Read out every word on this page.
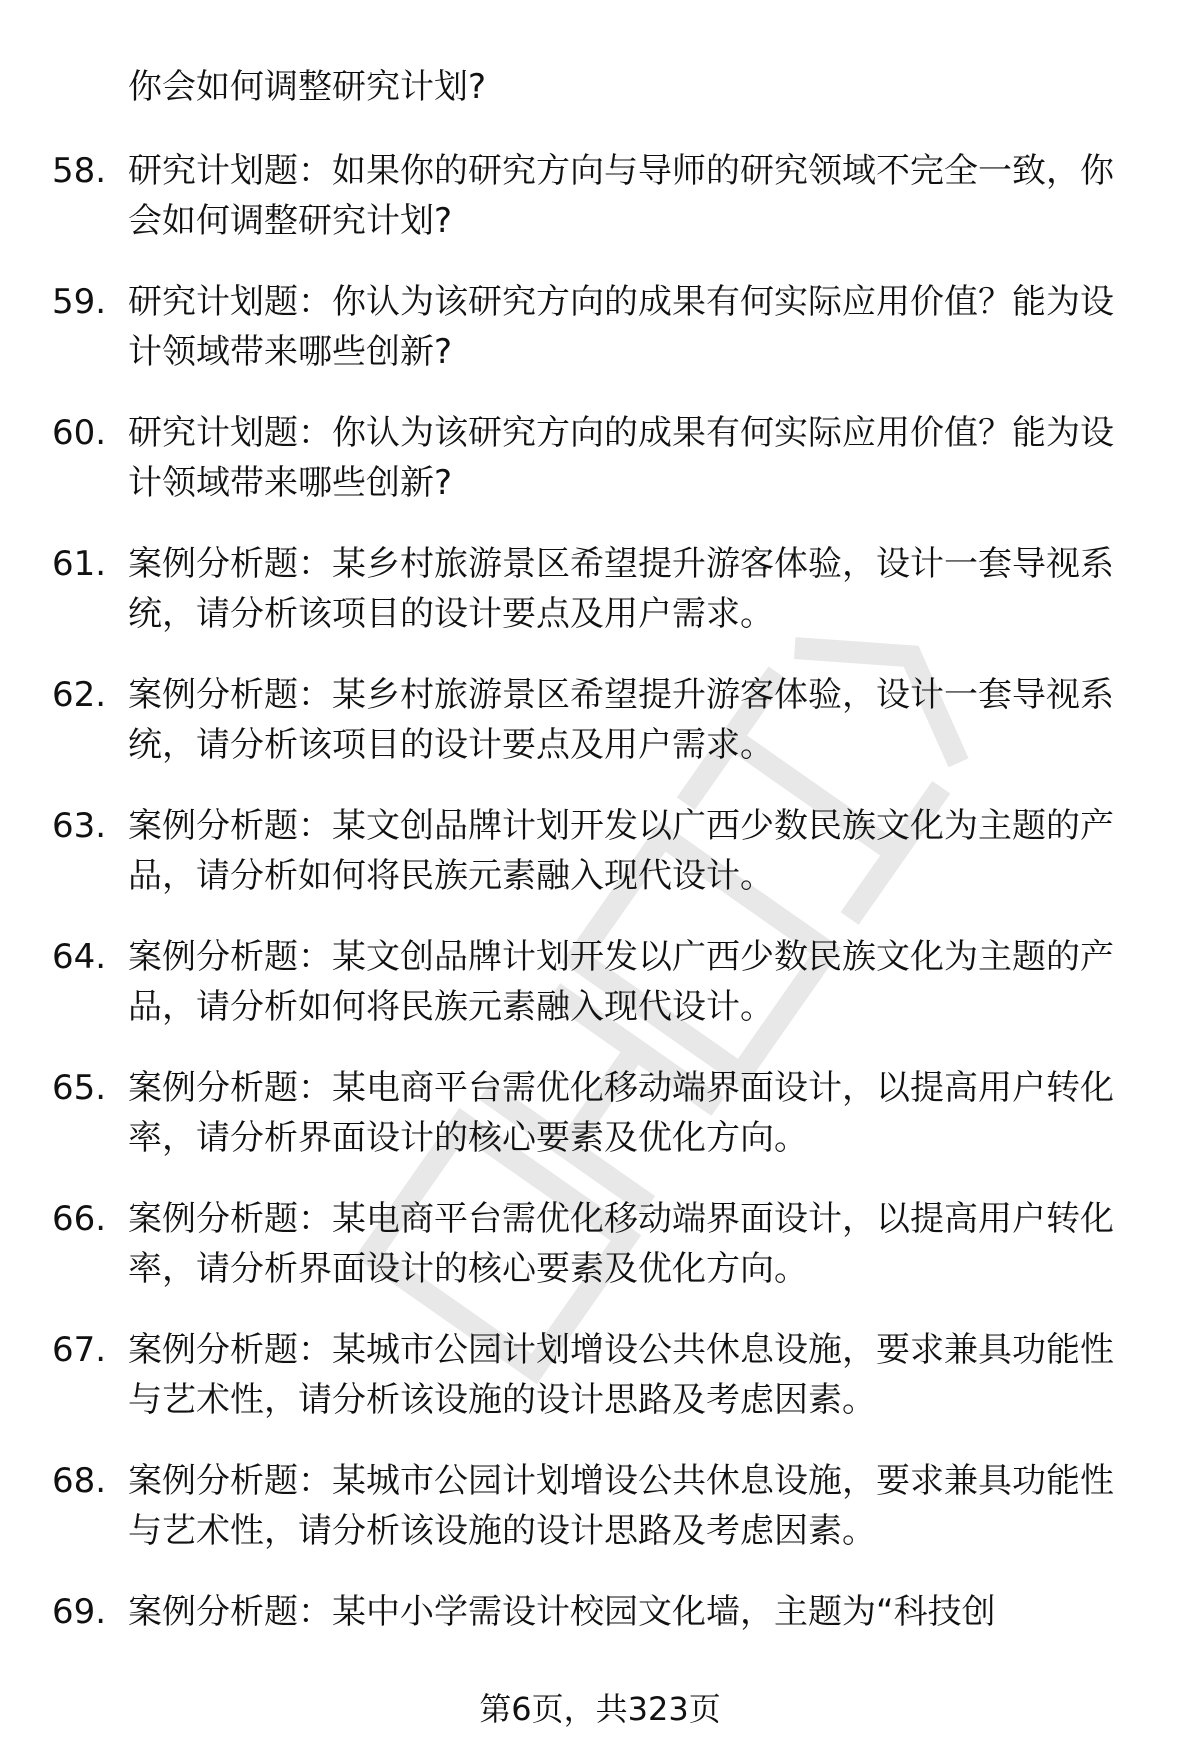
你会如何调整研究计划?
58. 研究计划题：如果你的研究方向与导师的研究领域不完全一致，你会如何调整研究计划?
59. 研究计划题：你认为该研究方向的成果有何实际应用价值？能为设计领域带来哪些创新?
60. 研究计划题：你认为该研究方向的成果有何实际应用价值？能为设计领域带来哪些创新?
61. 案例分析题：某乡村旅游景区希望提升游客体验，设计一套导视系统，请分析该项目的设计要点及用户需求。
62. 案例分析题：某乡村旅游景区希望提升游客体验，设计一套导视系统，请分析该项目的设计要点及用户需求。
63. 案例分析题：某文创品牌计划开发以广西少数民族文化为主题的产品，请分析如何将民族元素融入现代设计。
64. 案例分析题：某文创品牌计划开发以广西少数民族文化为主题的产品，请分析如何将民族元素融入现代设计。
65. 案例分析题：某电商平台需优化移动端界面设计，以提高用户转化率，请分析界面设计的核心要素及优化方向。
66. 案例分析题：某电商平台需优化移动端界面设计，以提高用户转化率，请分析界面设计的核心要素及优化方向。
67. 案例分析题：某城市公园计划增设公共休息设施，要求兼具功能性与艺术性，请分析该设施的设计思路及考虑因素。
68. 案例分析题：某城市公园计划增设公共休息设施，要求兼具功能性与艺术性，请分析该设施的设计思路及考虑因素。
69. 案例分析题：某中小学需设计校园文化墙，主题为“科技创
第6页，共323页
